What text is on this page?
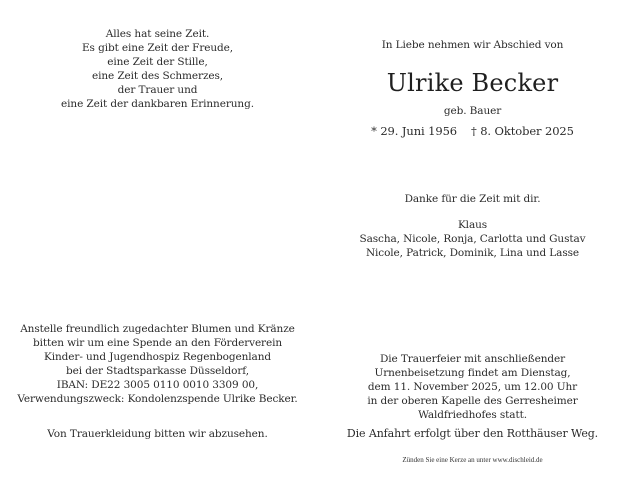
Alles hat seine Zeit.
Es gibt eine Zeit der Freude,
eine Zeit der Stille,
eine Zeit des Schmerzes,
der Trauer und
eine Zeit der dankbaren Erinnerung.
Anstelle freundlich zugedachter Blumen und Kränze
bitten wir um eine Spende an den Förderverein
Kinder- und Jugendhospiz Regenbogenland
bei der Stadtsparkasse Düsseldorf,
IBAN: DE22 3005 0110 0010 3309 00,
Verwendungszweck: Kondolenzspende Ulrike Becker.
Von Trauerkleidung bitten wir abzusehen.
In Liebe nehmen wir Abschied von
Ulrike Becker
geb. Bauer
* 29. Juni 1956 † 8. Oktober 2025
Danke für die Zeit mit dir.
Klaus
Sascha, Nicole, Ronja, Carlotta und Gustav
Nicole, Patrick, Dominik, Lina und Lasse
Die Trauerfeier mit anschließender
Urnenbeisetzung findet am Dienstag,
dem 11. November 2025, um 12.00 Uhr
in der oberen Kapelle des Gerresheimer
Waldfriedhofes statt.
Die Anfahrt erfolgt über den Rotthäuser Weg.
Zünden Sie eine Kerze an unter www.dischleid.de
